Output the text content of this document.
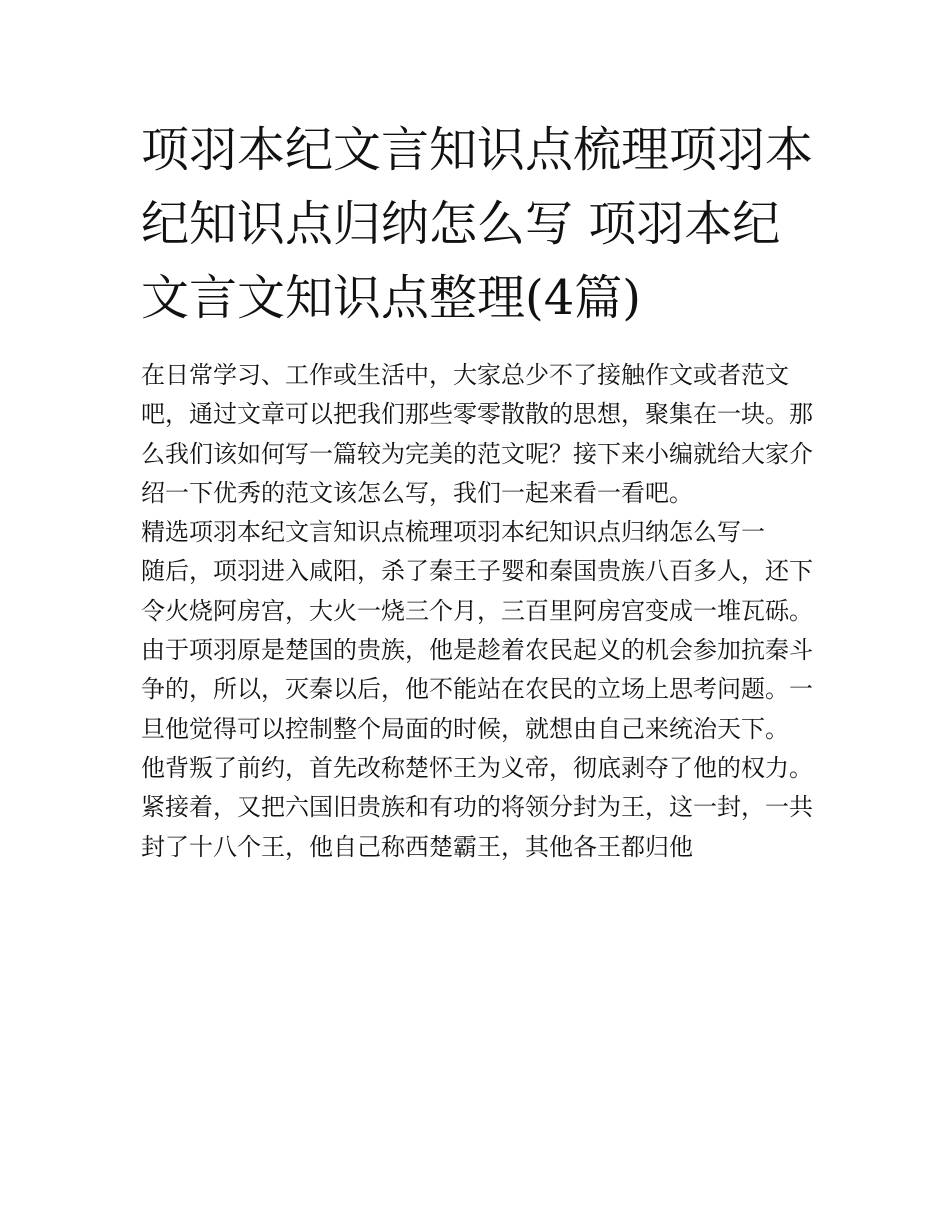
项羽本纪文言知识点梳理项羽本纪知识点归纳怎么写 项羽本纪文言文知识点整理(4篇)

在日常学习、工作或生活中，大家总少不了接触作文或者范文吧，通过文章可以把我们那些零零散散的思想，聚集在一块。那么我们该如何写一篇较为完美的范文呢？接下来小编就给大家介绍一下优秀的范文该怎么写，我们一起来看一看吧。

精选项羽本纪文言知识点梳理项羽本纪知识点归纳怎么写一

随后，项羽进入咸阳，杀了秦王子婴和秦国贵族八百多人，还下令火烧阿房宫，大火一烧三个月，三百里阿房宫变成一堆瓦砾。

由于项羽原是楚国的贵族，他是趁着农民起义的机会参加抗秦斗争的，所以，灭秦以后，他不能站在农民的立场上思考问题。一旦他觉得可以控制整个局面的时候，就想由自己来统治天下。

他背叛了前约，首先改称楚怀王为义帝，彻底剥夺了他的权力。紧接着，又把六国旧贵族和有功的将领分封为王，这一封，一共封了十八个王，他自己称西楚霸王，其他各王都归他
